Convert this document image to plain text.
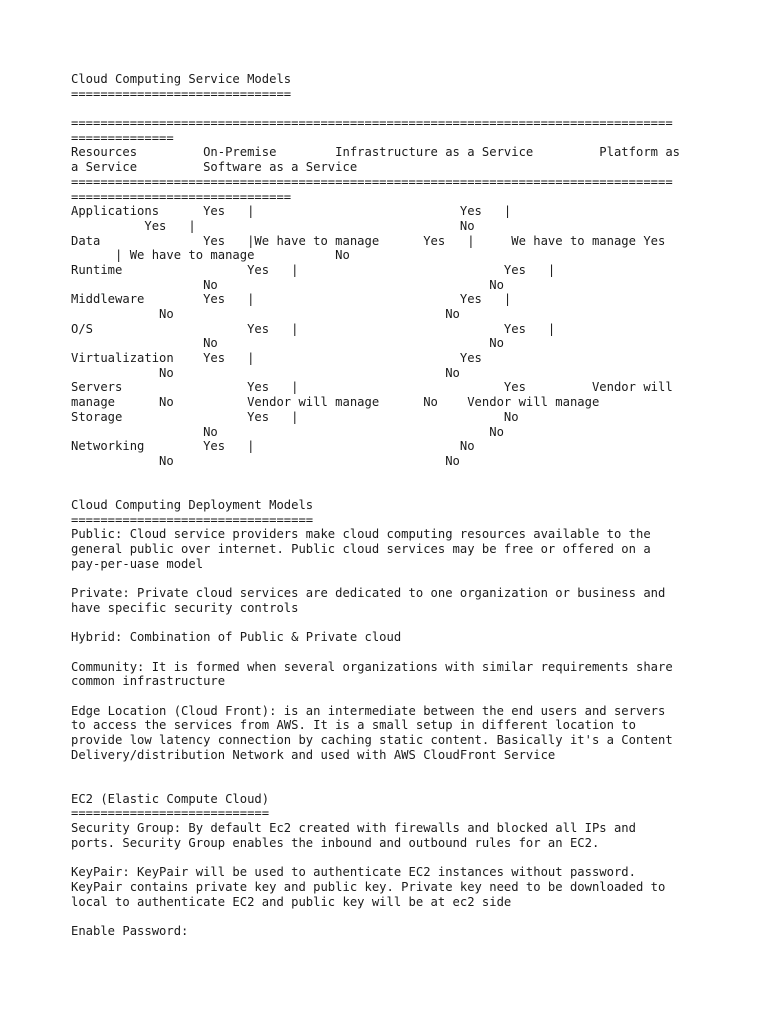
Cloud Computing Service Models
==============================
==================================================================================
==============
Resources         On-Premise        Infrastructure as a Service         Platform as
a Service         Software as a Service
==================================================================================
==============================
Applications      Yes   |                            Yes   |
Yes   |                                    No
Data              Yes   |We have to manage      Yes   |     We have to manage Yes
| We have to manage           No
Runtime                 Yes   |                            Yes   |
No                                     No
Middleware        Yes   |                            Yes   |
No                                     No
O/S                     Yes   |                            Yes   |
No                                     No
Virtualization    Yes   |                            Yes
No                                     No
Servers                 Yes   |                            Yes         Vendor will
manage      No          Vendor will manage      No    Vendor will manage
Storage                 Yes   |                            No
No                                     No
Networking        Yes   |                            No
No                                     No
Cloud Computing Deployment Models
=================================
Public: Cloud service providers make cloud computing resources available to the
general public over internet. Public cloud services may be free or offered on a
pay-per-uase model
Private: Private cloud services are dedicated to one organization or business and
have specific security controls
Hybrid: Combination of Public & Private cloud
Community: It is formed when several organizations with similar requirements share
common infrastructure
Edge Location (Cloud Front): is an intermediate between the end users and servers
to access the services from AWS. It is a small setup in different location to
provide low latency connection by caching static content. Basically it's a Content
Delivery/distribution Network and used with AWS CloudFront Service
EC2 (Elastic Compute Cloud)
===========================
Security Group: By default Ec2 created with firewalls and blocked all IPs and
ports. Security Group enables the inbound and outbound rules for an EC2.
KeyPair: KeyPair will be used to authenticate EC2 instances without password.
KeyPair contains private key and public key. Private key need to be downloaded to
local to authenticate EC2 and public key will be at ec2 side
Enable Password:
